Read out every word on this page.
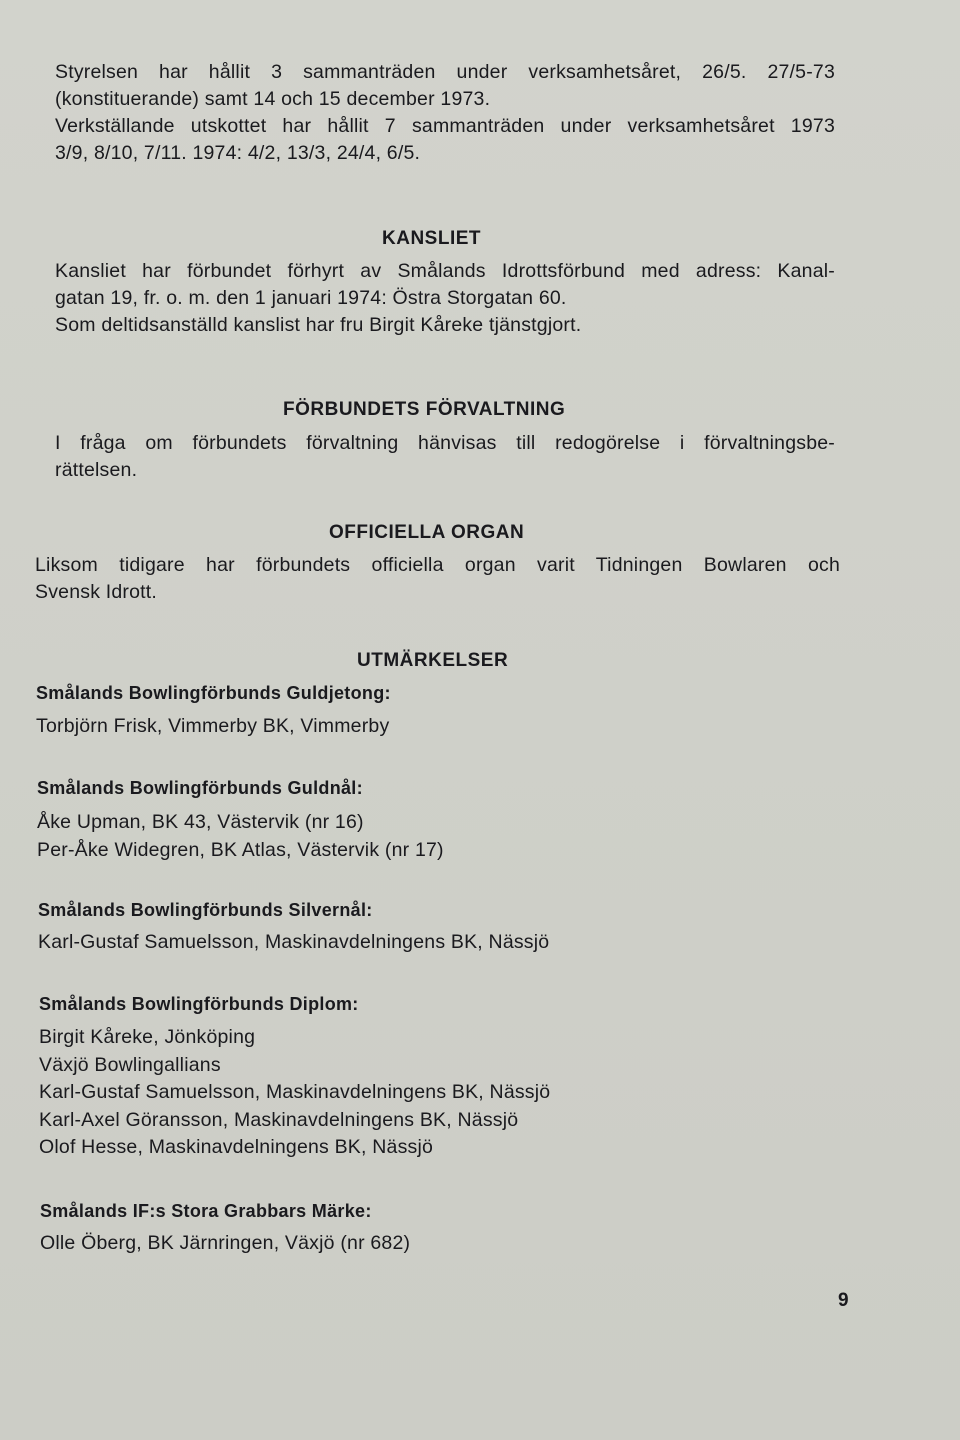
Styrelsen har hållit 3 sammanträden under verksamhetsåret, 26/5. 27/5-73
(konstituerande) samt 14 och 15 december 1973.
Verkställande utskottet har hållit 7 sammanträden under verksamhetsåret 1973
3/9, 8/10, 7/11. 1974: 4/2, 13/3, 24/4, 6/5.
KANSLIET
Kansliet har förbundet förhyrt av Smålands Idrottsförbund med adress: Kanal-
gatan 19, fr. o. m. den 1 januari 1974: Östra Storgatan 60.
Som deltidsanställd kanslist har fru Birgit Kåreke tjänstgjort.
FÖRBUNDETS FÖRVALTNING
I fråga om förbundets förvaltning hänvisas till redogörelse i förvaltningsbe-
rättelsen.
OFFICIELLA ORGAN
Liksom tidigare har förbundets officiella organ varit Tidningen Bowlaren och
Svensk Idrott.
UTMÄRKELSER
Smålands Bowlingförbunds Guldjetong:
Torbjörn Frisk, Vimmerby BK, Vimmerby
Smålands Bowlingförbunds Guldnål:
Åke Upman, BK 43, Västervik (nr 16)
Per-Åke Widegren, BK Atlas, Västervik (nr 17)
Smålands Bowlingförbunds Silvernål:
Karl-Gustaf Samuelsson, Maskinavdelningens BK, Nässjö
Smålands Bowlingförbunds Diplom:
Birgit Kåreke, Jönköping
Växjö Bowlingallians
Karl-Gustaf Samuelsson, Maskinavdelningens BK, Nässjö
Karl-Axel Göransson, Maskinavdelningens BK, Nässjö
Olof Hesse, Maskinavdelningens BK, Nässjö
Smålands IF:s Stora Grabbars Märke:
Olle Öberg, BK Järnringen, Växjö (nr 682)

9
